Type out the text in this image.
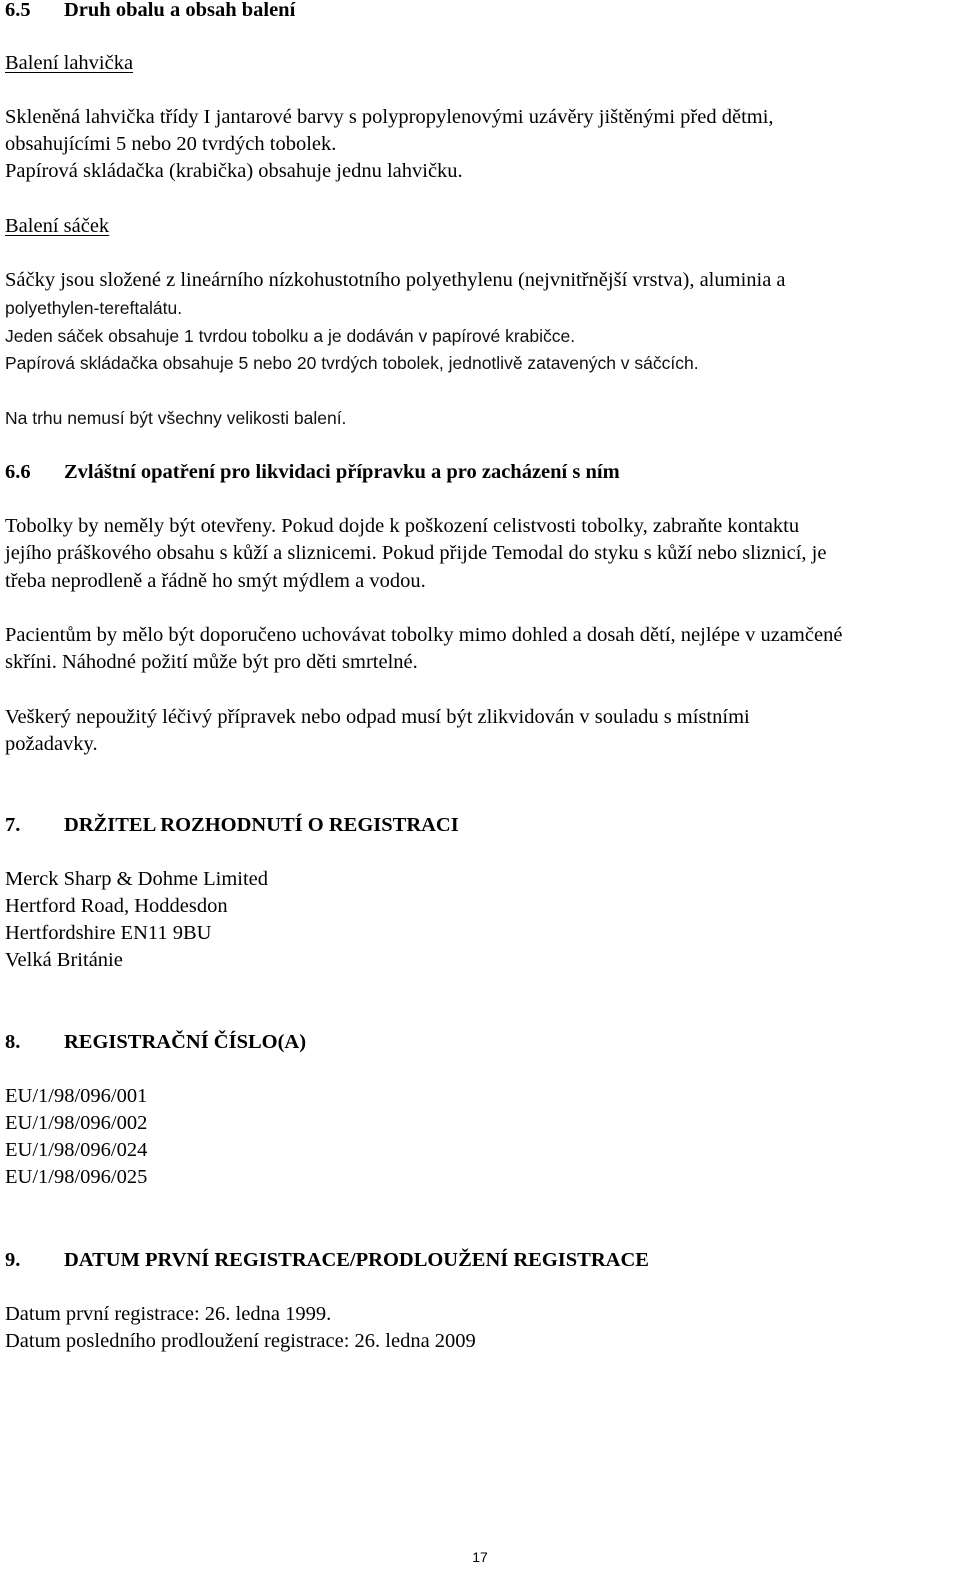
6.5 Druh obalu a obsah balení
Balení lahvička
Skleněná lahvička třídy I jantarové barvy s polypropylenovými uzávěry jištěnými před dětmi,
obsahujícími 5 nebo 20 tvrdých tobolek.
Papírová skládačka (krabička) obsahuje jednu lahvičku.
Balení sáček
Sáčky jsou složené z lineárního nízkohustotního polyethylenu (nejvnitřnější vrstva), aluminia a
polyethylen-tereftalátu.
Jeden sáček obsahuje 1 tvrdou tobolku a je dodáván v papírové krabičce.
Papírová skládačka obsahuje 5 nebo 20 tvrdých tobolek, jednotlivě zatavených v sáčcích.
Na trhu nemusí být všechny velikosti balení.
6.6 Zvláštní opatření pro likvidaci přípravku a pro zacházení s ním
Tobolky by neměly být otevřeny. Pokud dojde k poškození celistvosti tobolky, zabraňte kontaktu
jejího práškového obsahu s kůží a sliznicemi. Pokud přijde Temodal do styku s kůží nebo sliznicí, je
třeba neprodleně a řádně ho smýt mýdlem a vodou.
Pacientům by mělo být doporučeno uchovávat tobolky mimo dohled a dosah dětí, nejlépe v uzamčené
skříni. Náhodné požití může být pro děti smrtelné.
Veškerý nepoužitý léčivý přípravek nebo odpad musí být zlikvidován v souladu s místními
požadavky.
7. DRŽITEL ROZHODNUTÍ O REGISTRACI
Merck Sharp & Dohme Limited
Hertford Road, Hoddesdon
Hertfordshire EN11 9BU
Velká Británie
8. REGISTRAČNÍ ČÍSLO(A)
EU/1/98/096/001
EU/1/98/096/002
EU/1/98/096/024
EU/1/98/096/025
9. DATUM PRVNÍ REGISTRACE/PRODLOUŽENÍ REGISTRACE
Datum první registrace: 26. ledna 1999.
Datum posledního prodloužení registrace: 26. ledna 2009
17
